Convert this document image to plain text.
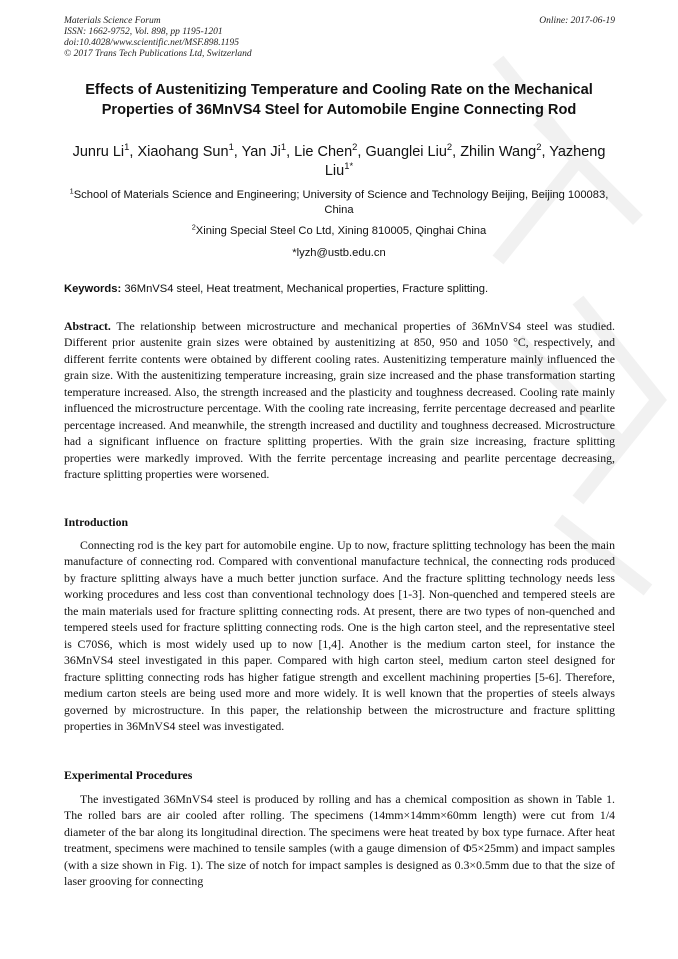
Materials Science Forum
ISSN: 1662-9752, Vol. 898, pp 1195-1201
doi:10.4028/www.scientific.net/MSF.898.1195
© 2017 Trans Tech Publications Ltd, Switzerland
Online: 2017-06-19
Effects of Austenitizing Temperature and Cooling Rate on the Mechanical Properties of 36MnVS4 Steel for Automobile Engine Connecting Rod
Junru Li$^1$, Xiaohang Sun$^1$, Yan Ji$^1$, Lie Chen$^2$, Guanglei Liu$^2$, Zhilin Wang$^2$, Yazheng Liu$^{1*}$
$^1$School of Materials Science and Engineering; University of Science and Technology Beijing, Beijing 100083, China
$^2$Xining Special Steel Co Ltd, Xining 810005, Qinghai China
*lyzh@ustb.edu.cn
Keywords: 36MnVS4 steel, Heat treatment, Mechanical properties, Fracture splitting.
Abstract. The relationship between microstructure and mechanical properties of 36MnVS4 steel was studied. Different prior austenite grain sizes were obtained by austenitizing at 850, 950 and 1050 °C, respectively, and different ferrite contents were obtained by different cooling rates. Austenitizing temperature mainly influenced the grain size. With the austenitizing temperature increasing, grain size increased and the phase transformation starting temperature increased. Also, the strength increased and the plasticity and toughness decreased. Cooling rate mainly influenced the microstructure percentage. With the cooling rate increasing, ferrite percentage decreased and pearlite percentage increased. And meanwhile, the strength increased and ductility and toughness decreased. Microstructure had a significant influence on fracture splitting properties. With the grain size increasing, fracture splitting properties were markedly improved. With the ferrite percentage increasing and pearlite percentage decreasing, fracture splitting properties were worsened.
Introduction
Connecting rod is the key part for automobile engine. Up to now, fracture splitting technology has been the main manufacture of connecting rod. Compared with conventional manufacture technical, the connecting rods produced by fracture splitting always have a much better junction surface. And the fracture splitting technology needs less working procedures and less cost than conventional technology does [1-3]. Non-quenched and tempered steels are the main materials used for fracture splitting connecting rods. At present, there are two types of non-quenched and tempered steels used for fracture splitting connecting rods. One is the high carton steel, and the representative steel is C70S6, which is most widely used up to now [1,4]. Another is the medium carton steel, for instance the 36MnVS4 steel investigated in this paper. Compared with high carton steel, medium carton steel designed for fracture splitting connecting rods has higher fatigue strength and excellent machining properties [5-6]. Therefore, medium carton steels are being used more and more widely. It is well known that the properties of steels always governed by microstructure. In this paper, the relationship between the microstructure and fracture splitting properties in 36MnVS4 steel was investigated.
Experimental Procedures
The investigated 36MnVS4 steel is produced by rolling and has a chemical composition as shown in Table 1. The rolled bars are air cooled after rolling. The specimens (14mm×14mm×60mm length) were cut from 1/4 diameter of the bar along its longitudinal direction. The specimens were heat treated by box type furnace. After heat treatment, specimens were machined to tensile samples (with a gauge dimension of Φ5×25mm) and impact samples (with a size shown in Fig. 1). The size of notch for impact samples is designed as 0.3×0.5mm due to that the size of laser grooving for connecting
